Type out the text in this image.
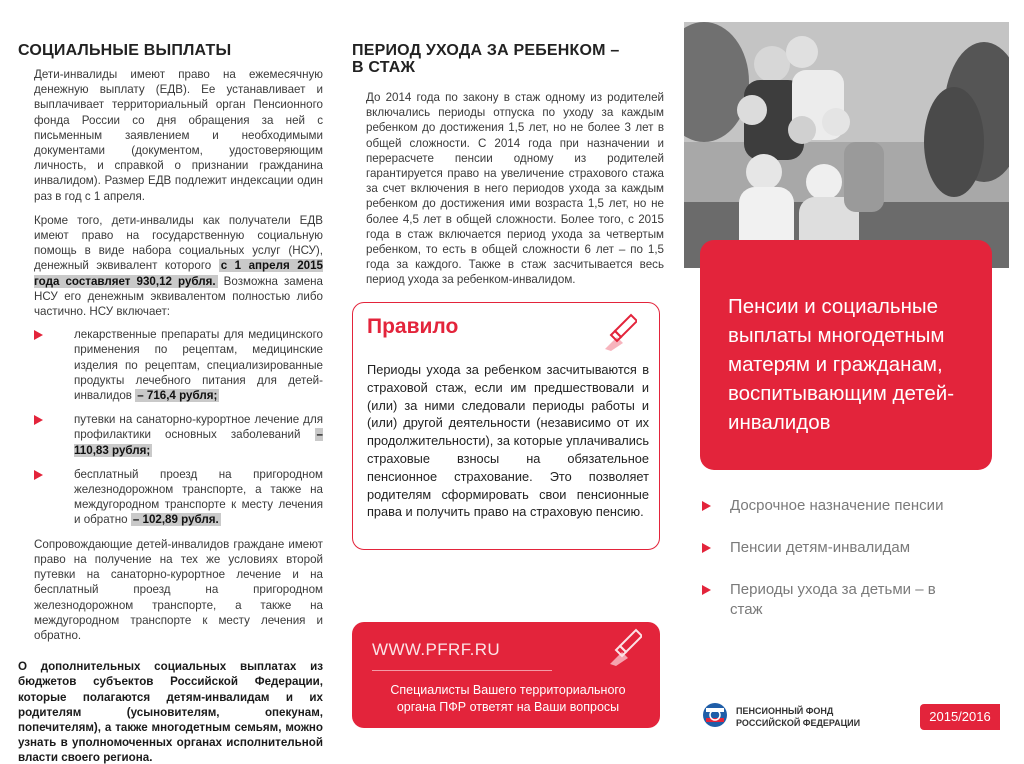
СОЦИАЛЬНЫЕ ВЫПЛАТЫ

Дети-инвалиды имеют право на ежемесячную денежную выплату (ЕДВ). Ее устанавливает и выплачивает территориальный орган Пенсионного фонда России со дня обращения за ней с письменным заявлением и необходимыми документами (документом, удостоверяющим личность, и справкой о признании гражданина инвалидом). Размер ЕДВ подлежит индексации один раз в год с 1 апреля.

Кроме того, дети-инвалиды как получатели ЕДВ имеют право на государственную социальную помощь в виде набора социальных услуг (НСУ), денежный эквивалент которого с 1 апреля 2015 года составляет 930,12 рубля. Возможна замена НСУ его денежным эквивалентом полностью либо частично. НСУ включает:

лекарственные препараты для медицинского применения по рецептам, медицинские изделия по рецептам, специализированные продукты лечебного питания для детей-инвалидов – 716,4 рубля;
путевки на санаторно-курортное лечение для профилактики основных заболеваний – 110,83 рубля;
бесплатный проезд на пригородном железнодорожном транспорте, а также на междугородном транспорте к месту лечения и обратно – 102,89 рубля.

Сопровождающие детей-инвалидов граждане имеют право на получение на тех же условиях второй путевки на санаторно-курортное лечение и на бесплатный проезд на пригородном железнодорожном транспорте, а также на междугородном транспорте к месту лечения и обратно.

О дополнительных социальных выплатах из бюджетов субъектов Российской Федерации, которые полагаются детям-инвалидам и их родителям (усыновителям, опекунам, попечителям), а также многодетным семьям, можно узнать в уполномоченных органах исполнительной власти своего региона.

ПЕРИОД УХОДА ЗА РЕБЕНКОМ – В СТАЖ

До 2014 года по закону в стаж одному из родителей включались периоды отпуска по уходу за каждым ребенком до достижения 1,5 лет, но не более 3 лет в общей сложности. С 2014 года при назначении и перерасчете пенсии одному из родителей гарантируется право на увеличение страхового стажа за счет включения в него периодов ухода за каждым ребенком до достижения ими возраста 1,5 лет, но не более 4,5 лет в общей сложности. Более того, с 2015 года в стаж включается период ухода за четвертым ребенком, то есть в общей сложности 6 лет – по 1,5 года за каждого. Также в стаж засчитывается весь период ухода за ребенком-инвалидом.

Правило

Периоды ухода за ребенком засчитываются в страховой стаж, если им предшествовали и (или) за ними следовали периоды работы и (или) другой деятельности (независимо от их продолжительности), за которые уплачивались страховые взносы на обязательное пенсионное страхование. Это позволяет родителям сформировать свои пенсионные права и получить право на страховую пенсию.

WWW.PFRF.RU

Специалисты Вашего территориального органа ПФР ответят на Ваши вопросы

Пенсии и социальные выплаты многодетным матерям и гражданам, воспитывающим детей-инвалидов
Досрочное назначение пенсии
Пенсии детям-инвалидам
Периоды ухода за детьми – в стаж
ПЕНСИОННЫЙ ФОНД
РОССИЙСКОЙ ФЕДЕРАЦИИ	2015/2016
